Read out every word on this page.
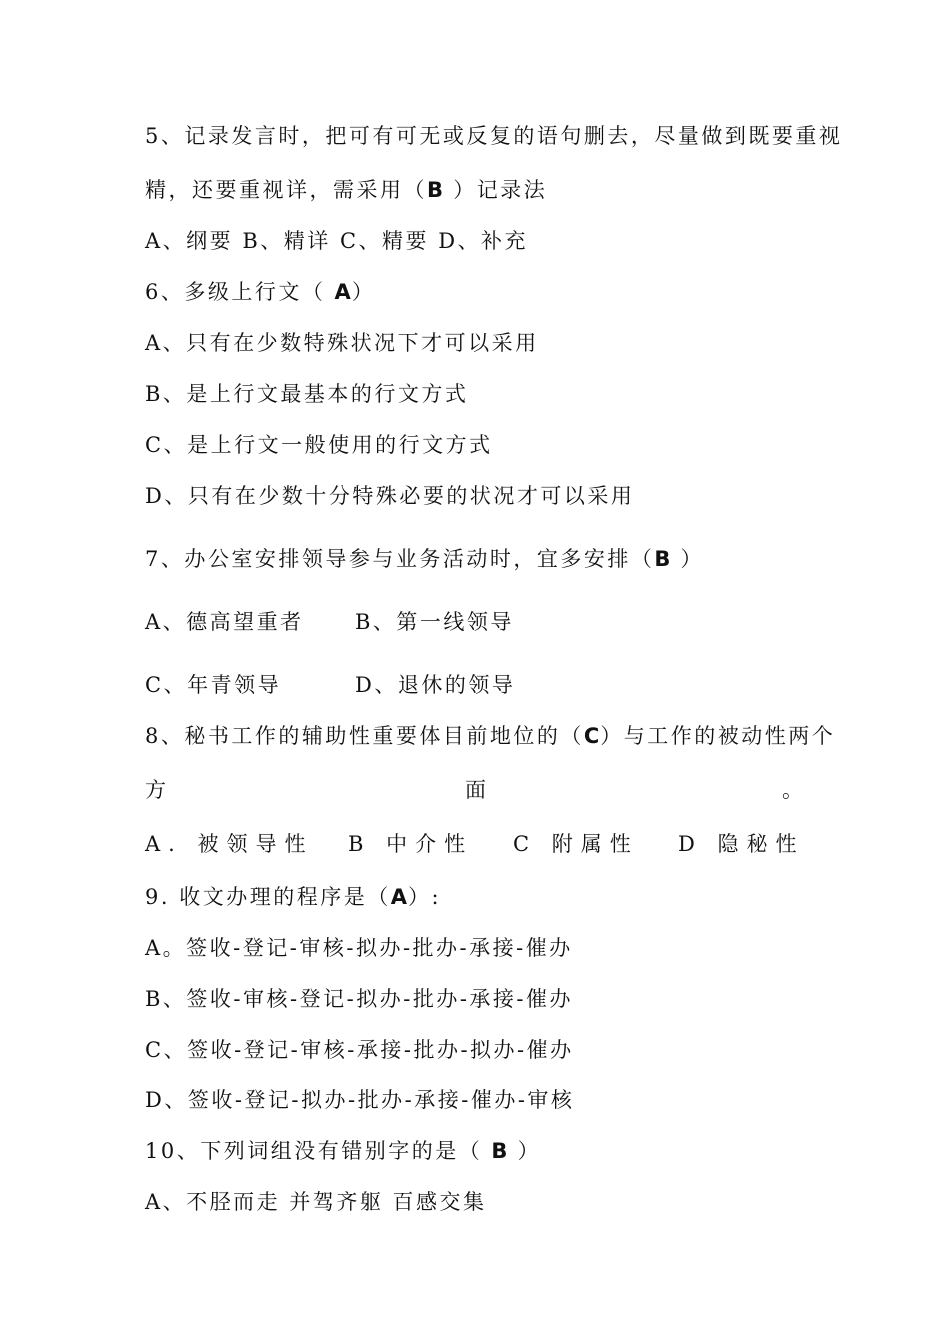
5、记录发言时，把可有可无或反复的语句删去，尽量做到既要重视
精，还要重视详，需采用（B ）记录法
A、纲要 B、精详 C、精要 D、补充
6、多级上行文（ A）
A、只有在少数特殊状况下才可以采用
B、是上行文最基本的行文方式
C、是上行文一般使用的行文方式
D、只有在少数十分特殊必要的状况才可以采用
7、办公室安排领导参与业务活动时，宜多安排（B ）
A、德高望重者 B、第一线领导
C、年青领导	D、退休的领导
8、秘书工作的辅助性重要体目前地位的（C）与工作的被动性两个
方	面	。
A. 被领导性 B 中介性 C 附属性 D 隐秘性
9. 收文办理的程序是（A）:
A。签收-登记-审核-拟办-批办-承接-催办
B、签收-审核-登记-拟办-批办-承接-催办
C、签收-登记-审核-承接-批办-拟办-催办
D、签收-登记-拟办-批办-承接-催办-审核
10、下列词组没有错别字的是（ B ）
A、不胫而走 并驾齐躯 百感交集
